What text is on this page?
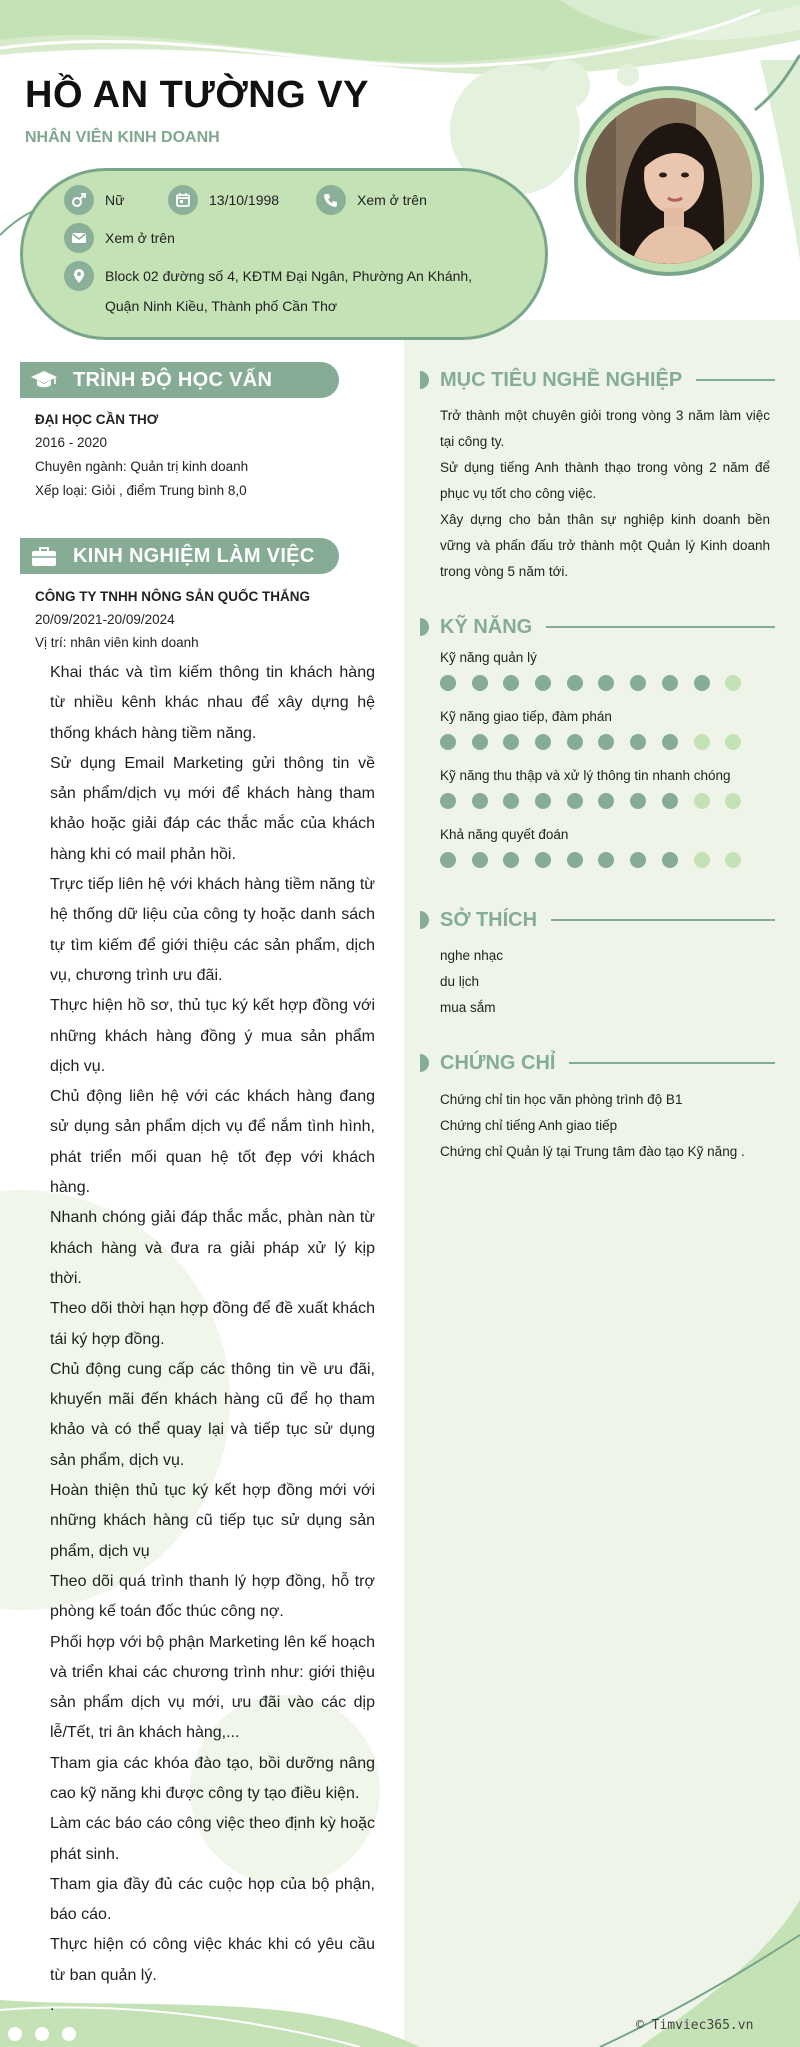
HỒ AN TƯỜNG VY
NHÂN VIÊN KINH DOANH
Nữ	13/10/1998	Xem ở trên
Xem ở trên
Block 02 đường số 4, KĐTM Đại Ngân, Phường An Khánh,
Quận Ninh Kiều, Thành phố Cần Thơ
TRÌNH ĐỘ HỌC VẤN
ĐẠI HỌC CẦN THƠ
2016 - 2020
Chuyên ngành: Quản trị kinh doanh
Xếp loại: Giỏi , điểm Trung bình 8,0
KINH NGHIỆM LÀM VIỆC
CÔNG TY TNHH NÔNG SẢN QUỐC THẮNG
20/09/2021-20/09/2024
Vị trí: nhân viên kinh doanh

Khai thác và tìm kiếm thông tin khách hàng từ nhiều kênh khác nhau để xây dựng hệ thống khách hàng tiềm năng.

Sử dụng Email Marketing gửi thông tin về sản phẩm/dịch vụ mới để khách hàng tham khảo hoặc giải đáp các thắc mắc của khách hàng khi có mail phản hồi.

Trực tiếp liên hệ với khách hàng tiềm năng từ hệ thống dữ liệu của công ty hoặc danh sách tự tìm kiếm để giới thiệu các sản phẩm, dịch vụ, chương trình ưu đãi.

Thực hiện hồ sơ, thủ tục ký kết hợp đồng với những khách hàng đồng ý mua sản phẩm dịch vụ.

Chủ động liên hệ với các khách hàng đang sử dụng sản phẩm dịch vụ để nắm tình hình, phát triển mối quan hệ tốt đẹp với khách hàng.

Nhanh chóng giải đáp thắc mắc, phàn nàn từ khách hàng và đưa ra giải pháp xử lý kịp thời.

Theo dõi thời hạn hợp đồng để đề xuất khách tái ký hợp đồng.

Chủ động cung cấp các thông tin về ưu đãi, khuyến mãi đến khách hàng cũ để họ tham khảo và có thể quay lại và tiếp tục sử dụng sản phẩm, dịch vụ.

Hoàn thiện thủ tục ký kết hợp đồng mới với những khách hàng cũ tiếp tục sử dụng sản phẩm, dịch vụ

Theo dõi quá trình thanh lý hợp đồng, hỗ trợ phòng kế toán đốc thúc công nợ.

Phối hợp với bộ phận Marketing lên kế hoạch và triển khai các chương trình như: giới thiệu sản phẩm dịch vụ mới, ưu đãi vào các dịp lễ/Tết, tri ân khách hàng,...

Tham gia các khóa đào tạo, bồi dưỡng nâng cao kỹ năng khi được công ty tạo điều kiện.

Làm các báo cáo công việc theo định kỳ hoặc phát sinh.

Tham gia đầy đủ các cuộc họp của bộ phận, báo cáo.

Thực hiện có công việc khác khi có yêu cầu từ ban quản lý.

.

MỤC TIÊU NGHỀ NGHIỆP

Trở thành một chuyên giỏi trong vòng 3 năm làm việc tại công ty.

Sử dụng tiếng Anh thành thạo trong vòng 2 năm để phục vụ tốt cho công việc.

Xây dựng cho bản thân sự nghiệp kinh doanh bền vững và phấn đấu trở thành một Quản lý Kinh doanh trong vòng 5 năm tới.

KỸ NĂNG
Kỹ năng quản lý
Kỹ năng giao tiếp, đàm phán
Kỹ năng thu thập và xử lý thông tin nhanh chóng
Khả năng quyết đoán
SỞ THÍCH
nghe nhạc
du lịch
mua sắm
CHỨNG CHỈ
Chứng chỉ tin học văn phòng trình độ B1
Chứng chỉ tiếng Anh giao tiếp
Chứng chỉ Quản lý tại Trung tâm đào tạo Kỹ năng .
© Timviec365.vn
